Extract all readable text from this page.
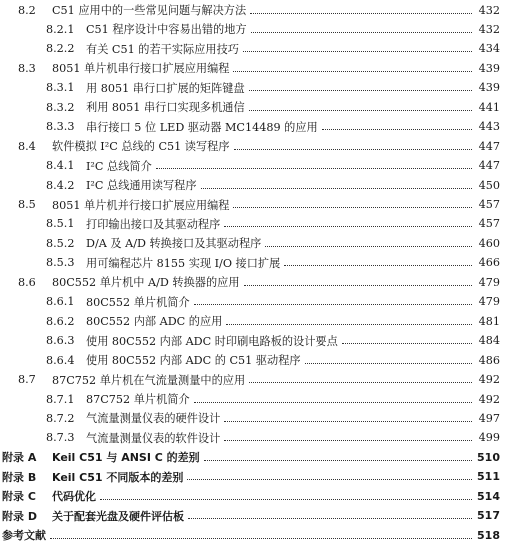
8.2	C51 应用中的一些常见问题与解决方法	432
8.2.1	C51 程序设计中容易出错的地方	432
8.2.2	有关 C51 的若干实际应用技巧	434
8.3	8051 单片机串行接口扩展应用编程	439
8.3.1	用 8051 串行口扩展的矩阵键盘	439
8.3.2	利用 8051 串行口实现多机通信	441
8.3.3	串行接口 5 位 LED 驱动器 MC14489 的应用	443
8.4	软件模拟 I²C 总线的 C51 读写程序	447
8.4.1	I²C 总线简介	447
8.4.2	I²C 总线通用读写程序	450
8.5	8051 单片机并行接口扩展应用编程	457
8.5.1	打印输出接口及其驱动程序	457
8.5.2	D/A 及 A/D 转换接口及其驱动程序	460
8.5.3	用可编程芯片 8155 实现 I/O 接口扩展	466
8.6	80C552 单片机中 A/D 转换器的应用	479
8.6.1	80C552 单片机简介	479
8.6.2	80C552 内部 ADC 的应用	481
8.6.3	使用 80C552 内部 ADC 时印刷电路板的设计要点	484
8.6.4	使用 80C552 内部 ADC 的 C51 驱动程序	486
8.7	87C752 单片机在气流量测量中的应用	492
8.7.1	87C752 单片机简介	492
8.7.2	气流量测量仪表的硬件设计	497
8.7.3	气流量测量仪表的软件设计	499
附录 A	Keil C51 与 ANSI C 的差别	510
附录 B	Keil C51 不同版本的差别	511
附录 C	代码优化	514
附录 D	关于配套光盘及硬件评估板	517
参考文献	518
